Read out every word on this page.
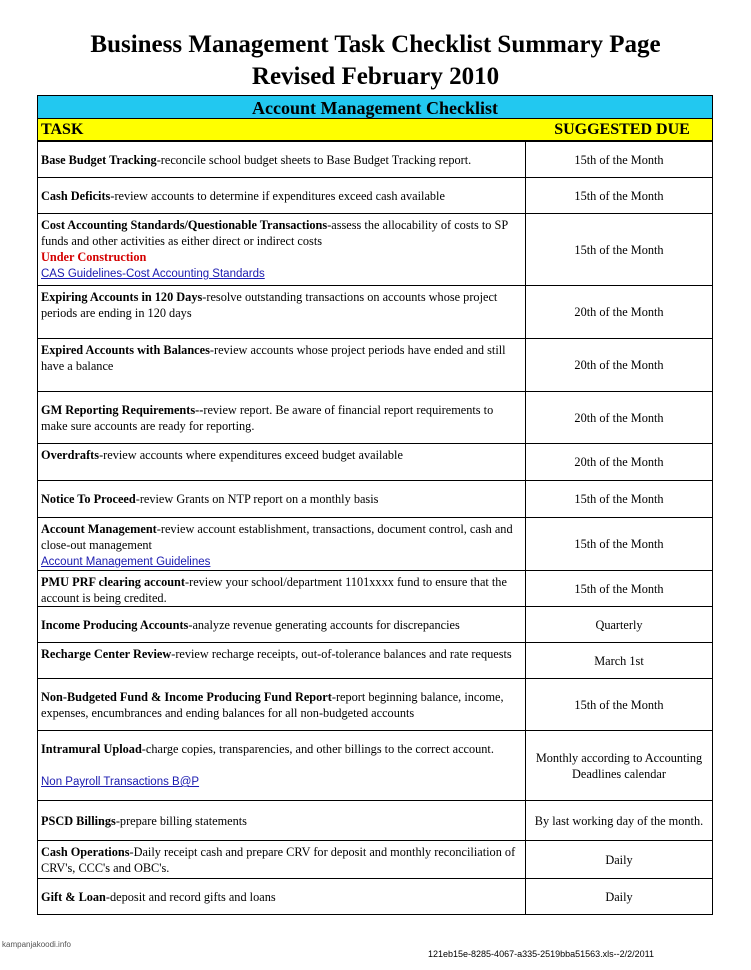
Business Management Task Checklist Summary Page
Revised February 2010
Account Management Checklist
TASK	SUGGESTED DUE
Base Budget Tracking-reconcile school budget sheets to Base Budget Tracking report.	15th of the Month
Cash Deficits-review accounts to determine if expenditures exceed cash available	15th of the Month
Cost Accounting Standards/Questionable Transactions-assess the allocability of costs to SP funds and other activities as either direct or indirect costs
Under Construction
CAS Guidelines-Cost Accounting Standards	15th of the Month
Expiring Accounts in 120 Days-resolve outstanding transactions on accounts whose project periods are ending in 120 days	20th of the Month
Expired Accounts with Balances-review accounts whose project periods have ended and still have a balance	20th of the Month
GM Reporting Requirements--review report. Be aware of financial report requirements to make sure accounts are ready for reporting.	20th of the Month
Overdrafts-review accounts where expenditures exceed budget available	20th of the Month
Notice To Proceed-review Grants on NTP report on a monthly basis	15th of the Month
Account Management-review account establishment, transactions, document control, cash and close-out management
Account Management Guidelines	15th of the Month
PMU PRF clearing account-review your school/department 1101xxxx fund to ensure that the account is being credited.	15th of the Month
Income Producing Accounts-analyze revenue generating accounts for discrepancies	Quarterly
Recharge Center Review-review recharge receipts, out-of-tolerance balances and rate requests	March 1st
Non-Budgeted Fund & Income Producing Fund Report-report beginning balance, income, expenses, encumbrances and ending balances for all non-budgeted accounts	15th of the Month
Intramural Upload-charge copies, transparencies, and other billings to the correct account.

Non Payroll Transactions B@P	Monthly according to Accounting Deadlines calendar
PSCD Billings-prepare billing statements	By last working day of the month.
Cash Operations-Daily receipt cash and prepare CRV for deposit and monthly reconciliation of CRV's, CCC's and OBC's.	Daily
Gift & Loan-deposit and record gifts and loans	Daily
kampanjakoodi.info
121eb15e-8285-4067-a335-2519bba51563.xls--2/2/2011
